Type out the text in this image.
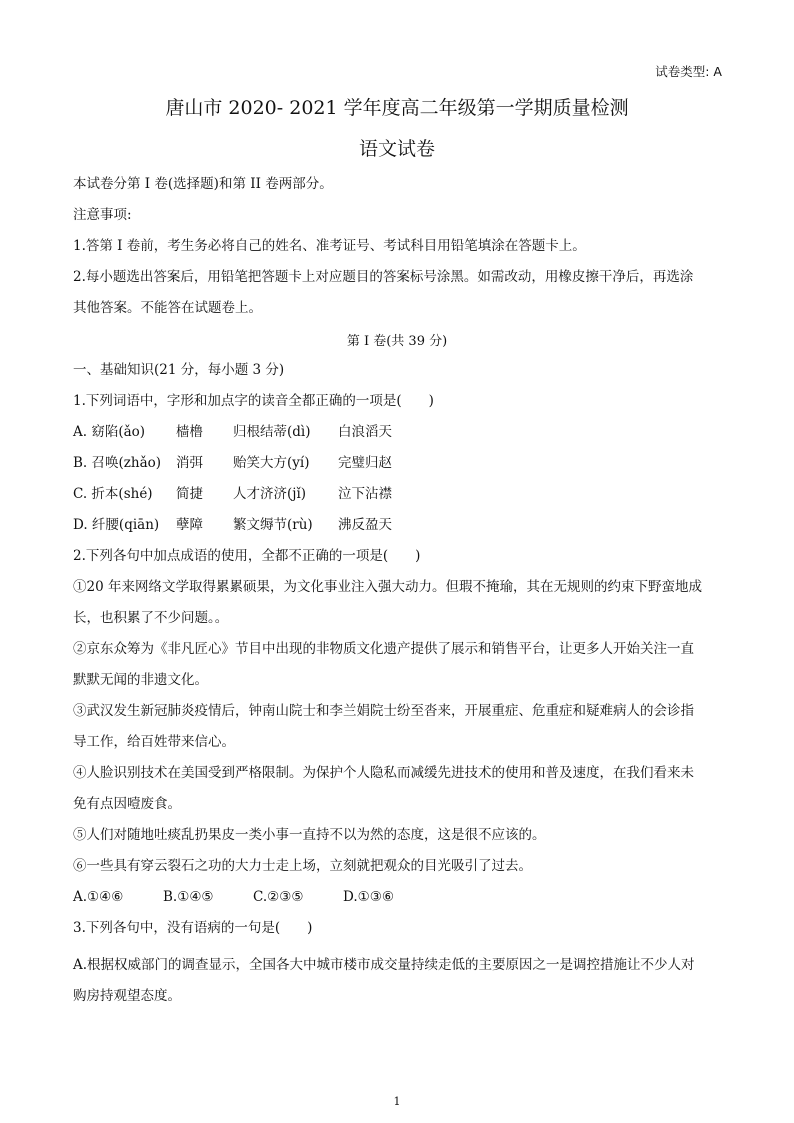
试卷类型: A
唐山市 2020- 2021 学年度高二年级第一学期质量检测
语文试卷
本试卷分第 I 卷(选择题)和第 II 卷两部分。
注意事项:
1.答第 I 卷前，考生务必将自己的姓名、准考证号、考试科目用铅笔填涂在答题卡上。
2.每小题选出答案后，用铅笔把答题卡上对应题目的答案标号涂黑。如需改动，用橡皮擦干净后，再选涂
其他答案。不能答在试题卷上。
第 I 卷(共 39 分)
一、基础知识(21 分，每小题 3 分)
1.下列词语中，字形和加点字的读音全都正确的一项是(　　)
A. 窈陷(ǎo) 樯橹 归根结蒂(dì) 白浪滔天
B. 召唤(zhǎo) 消弭 贻笑大方(yí) 完璧归赵
C. 折本(shé) 简捷 人才济济(jǐ) 泣下沾襟
D. 纤腰(qiān) 孽障 繁文缛节(rù) 沸反盈天
2.下列各句中加点成语的使用，全都不正确的一项是(　　)
①20 年来网络文学取得累累硕果，为文化事业注入强大动力。但瑕不掩瑜，其在无规则的约束下野蛮地成
长，也积累了不少问题。。
②京东众筹为《非凡匠心》节目中出现的非物质文化遗产提供了展示和销售平台，让更多人开始关注一直
默默无闻的非遗文化。
③武汉发生新冠肺炎疫情后，钟南山院士和李兰娟院士纷至沓来，开展重症、危重症和疑难病人的会诊指
导工作，给百姓带来信心。
④人脸识别技术在美国受到严格限制。为保护个人隐私而减缓先进技术的使用和普及速度，在我们看来未
免有点因噎废食。
⑤人们对随地吐痰乱扔果皮一类小事一直持不以为然的态度，这是很不应该的。
⑥一些具有穿云裂石之功的大力士走上场，立刻就把观众的目光吸引了过去。
A.①④⑥	B.①④⑤	C.②③⑤	D.①③⑥
3.下列各句中，没有语病的一句是(　　)
A.根据权威部门的调查显示，全国各大中城市楼市成交量持续走低的主要原因之一是调控措施让不少人对
购房持观望态度。
1
